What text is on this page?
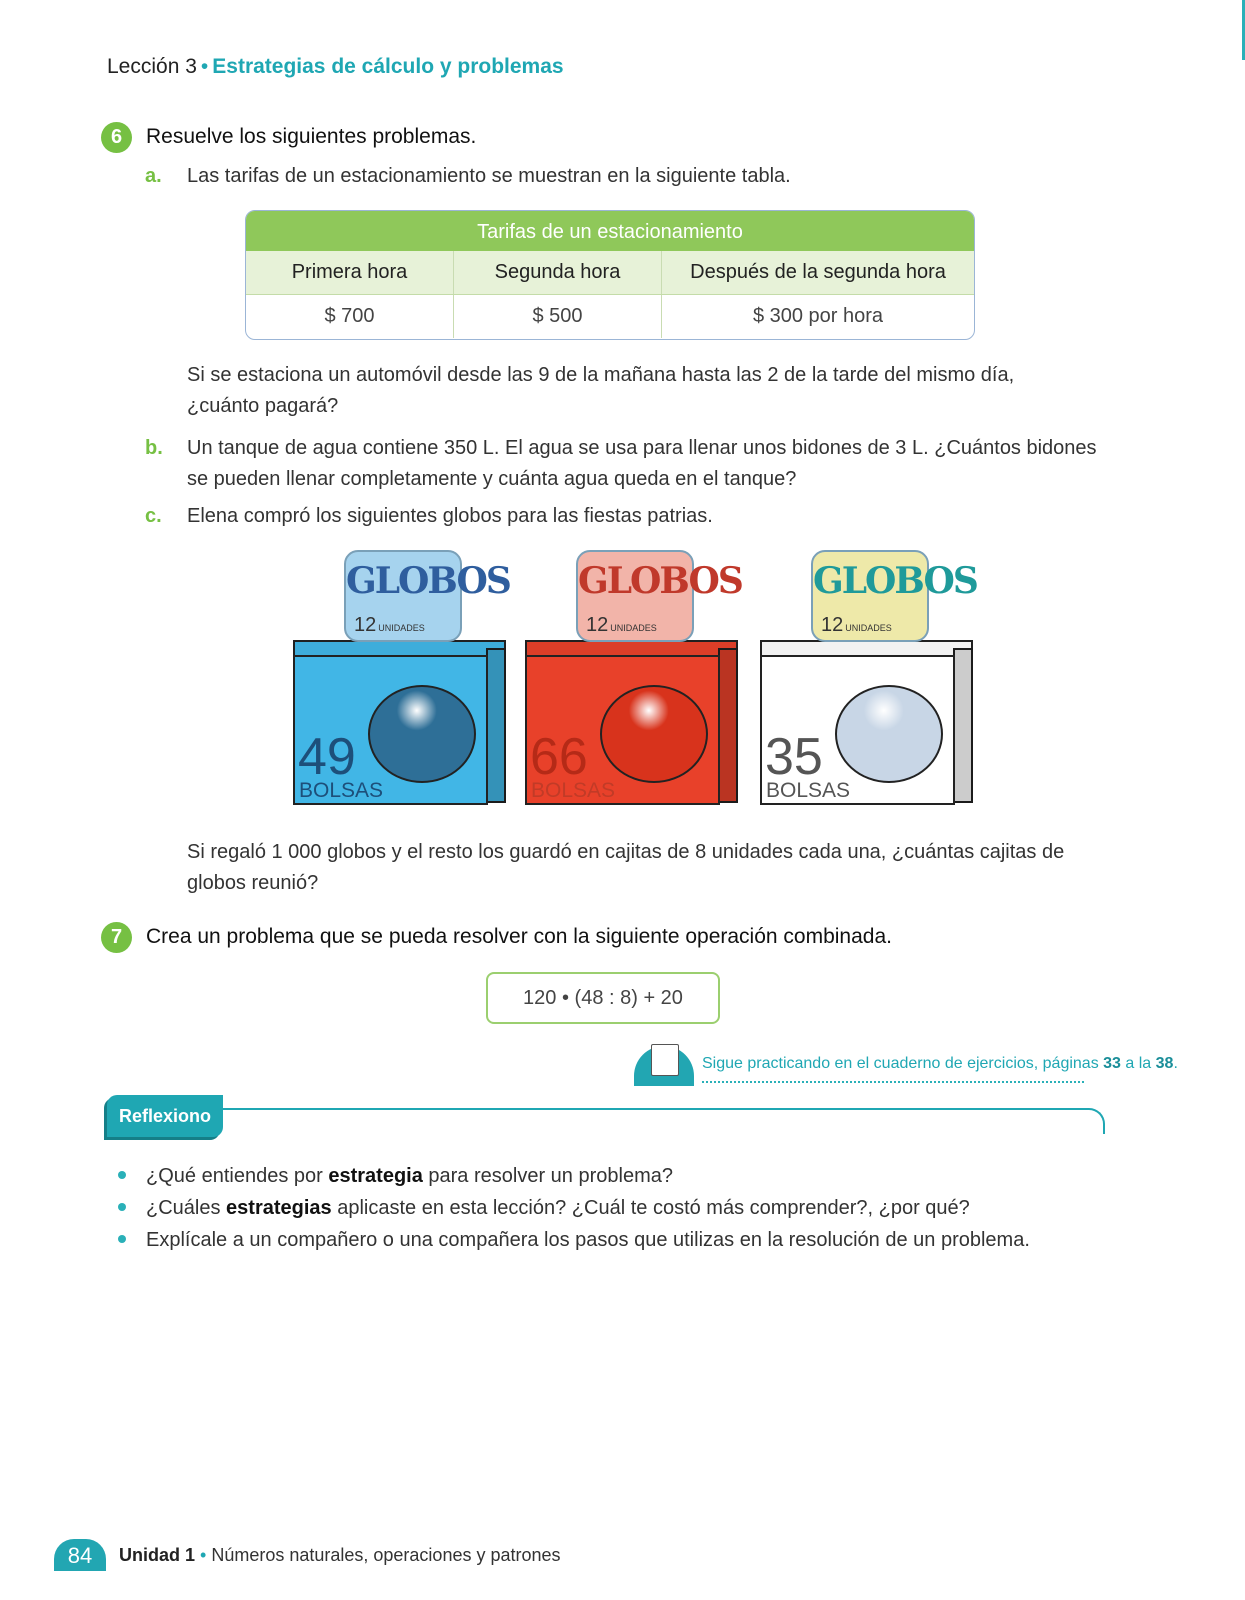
Lección 3 • Estrategias de cálculo y problemas
6	Resuelve los siguientes problemas.
a. Las tarifas de un estacionamiento se muestran en la siguiente tabla.
Tarifas de un estacionamiento
Primera hora	Segunda hora	Después de la segunda hora
$ 700	$ 500	$ 300 por hora
Si se estaciona un automóvil desde las 9 de la mañana hasta las 2 de la tarde del mismo día,
¿cuánto pagará?
b. Un tanque de agua contiene 350 L. El agua se usa para llenar unos bidones de 3 L. ¿Cuántos bidones
se pueden llenar completamente y cuánta agua queda en el tanque?
c. Elena compró los siguientes globos para las fiestas patrias.
49
BOLSAS
GLOBOS
12 UNIDADES
66
BOLSAS
GLOBOS
12 UNIDADES
35
BOLSAS
GLOBOS
12 UNIDADES
Si regaló 1 000 globos y el resto los guardó en cajitas de 8 unidades cada una, ¿cuántas cajitas de
globos reunió?
7	Crea un problema que se pueda resolver con la siguiente operación combinada.
120 • (48 : 8) + 20
Sigue practicando en el cuaderno de ejercicios, páginas 33 a la 38.
Reflexiono
¿Qué entiendes por estrategia para resolver un problema?
¿Cuáles estrategias aplicaste en esta lección? ¿Cuál te costó más comprender?, ¿por qué?
Explícale a un compañero o una compañera los pasos que utilizas en la resolución de un problema.
84	Unidad 1 • Números naturales, operaciones y patrones
